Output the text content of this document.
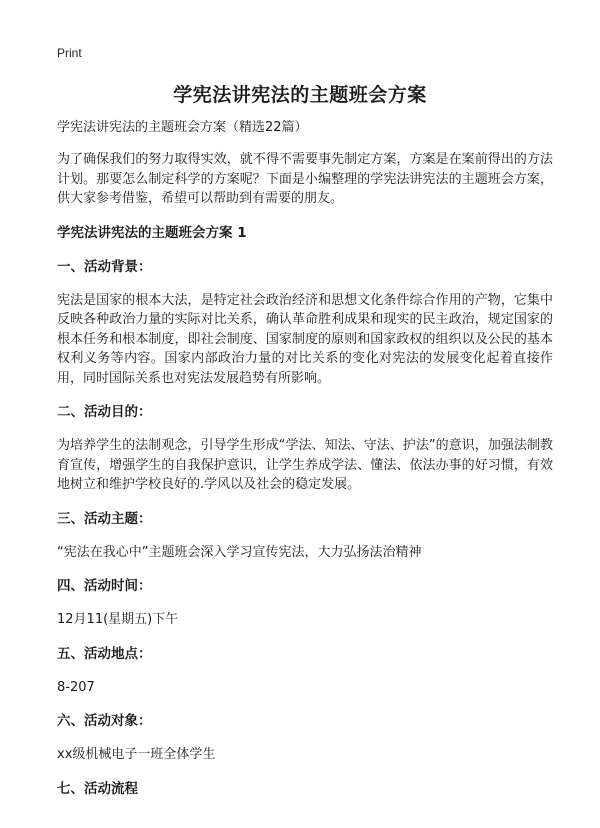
Print
学宪法讲宪法的主题班会方案
学宪法讲宪法的主题班会方案（精选22篇）

为了确保我们的努力取得实效，就不得不需要事先制定方案，方案是在案前得出的方法计划。那要怎么制定科学的方案呢？下面是小编整理的学宪法讲宪法的主题班会方案，供大家参考借鉴，希望可以帮助到有需要的朋友。

学宪法讲宪法的主题班会方案 1
一、活动背景：

宪法是国家的根本大法，是特定社会政治经济和思想文化条件综合作用的产物，它集中反映各种政治力量的实际对比关系，确认革命胜利成果和现实的民主政治，规定国家的根本任务和根本制度，即社会制度、国家制度的原则和国家政权的组织以及公民的基本权利义务等内容。国家内部政治力量的对比关系的变化对宪法的发展变化起着直接作用，同时国际关系也对宪法发展趋势有所影响。

二、活动目的：

为培养学生的法制观念，引导学生形成“学法、知法、守法、护法”的意识，加强法制教育宣传，增强学生的自我保护意识，让学生养成学法、懂法、依法办事的好习惯，有效地树立和维护学校良好的.学风以及社会的稳定发展。

三、活动主题：

“宪法在我心中”主题班会深入学习宣传宪法，大力弘扬法治精神

四、活动时间：

12月11(星期五)下午

五、活动地点：

8-207

六、活动对象：

xx级机械电子一班全体学生

七、活动流程
